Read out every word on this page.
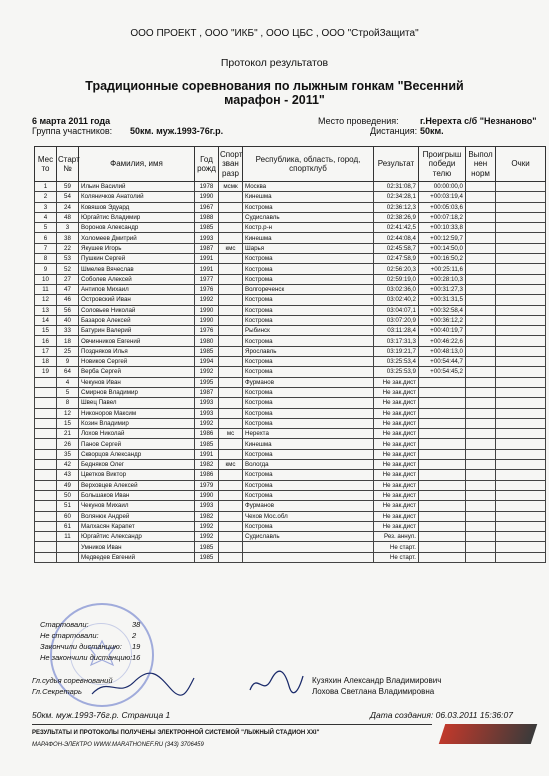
ООО ПРОЕКТ , ООО "ИКБ" , ООО ЦБС , ООО "СтройЗащита"
Протокол результатов
Традиционные соревнования по лыжным гонкам "Весенний марафон - 2011"
6 марта 2011 года
Группа участников: 50км. муж.1993-76г.р.
Место проведения: г.Нерехта с/б "Незнаново"
Дистанция: 50км.
Мес то	Старт №	Фамилия, имя	Год рожд	Спорт зван разр	Республика, область, город, спортклуб	Результат	Проигрыш победи телю	Выпол нен норм	Очки
1	59	Ильин Василий	1978	мсмк	Москва	02:31:08,7	00:00:00,0		
2	54	Коляничков Анатолий	1990		Кинешма	02:34:28,1	+00:03:19,4		
3	24	Ковяшов Эдуард	1967		Кострома	02:36:12,3	+00:05:03,6		
4	48	Юргайтис Владимир	1988		Судиславль	02:38:26,9	+00:07:18,2		
5	3	Воронов Александр	1985		Костр.р-н	02:41:42,5	+00:10:33,8		
6	38	Холомеев Дмитрий	1993		Кинешма	02:44:08,4	+00:12:59,7		
7	22	Якушев Игорь	1987	кмс	Шарья	02:45:58,7	+00:14:50,0		
8	53	Пушкин Сергей	1991		Кострома	02:47:58,9	+00:16:50,2		
9	52	Шмелев Вячеслав	1991		Кострома	02:56:20,3	+00:25:11,6		
10	27	Соболев Алексей	1977		Кострома	02:59:19,0	+00:28:10,3		
11	47	Антипов Михаил	1976		Волгореченск	03:02:36,0	+00:31:27,3		
12	46	Островский Иван	1992		Кострома	03:02:40,2	+00:31:31,5		
13	56	Соловьев Николай	1990		Кострома	03:04:07,1	+00:32:58,4		
14	40	Базаров Алексей	1990		Кострома	03:07:20,9	+00:36:12,2		
15	33	Батурин Валерий	1976		Рыбинск	03:11:28,4	+00:40:19,7		
16	18	Овчинников Евгений	1980		Кострома	03:17:31,3	+00:46:22,6		
17	25	Поздняков Илья	1985		Ярославль	03:19:21,7	+00:48:13,0		
18	9	Новиков Сергей	1994		Кострома	03:25:53,4	+00:54:44,7		
19	64	Верба Сергей	1992		Кострома	03:25:53,9	+00:54:45,2		
	4	Чекунов Иван	1995		Фурманов	Не зак.дист			
	5	Смирнов Владимир	1987		Кострома	Не зак.дист			
	8	Швец Павел	1993		Кострома	Не зак.дист			
	12	Никоноров Максим	1993		Кострома	Не зак.дист			
	15	Козин Владимир	1992		Кострома	Не зак.дист			
	21	Лохов Николай	1986	мс	Нерехта	Не зак.дист			
	26	Панов Сергей	1985		Кинешма	Не зак.дист			
	35	Скворцов Александр	1991		Кострома	Не зак.дист			
	42	Бедняков Олег	1982	кмс	Вологда	Не зак.дист			
	43	Цветков Виктор	1986		Кострома	Не зак.дист			
	49	Верховцев Алексей	1979		Кострома	Не зак.дист			
	50	Большаков Иван	1990		Кострома	Не зак.дист			
	51	Чекунов Михаил	1993		Фурманов	Не зак.дист			
	60	Волянюк Андрей	1982		Чехов Мос.обл	Не зак.дист			
	61	Малхасян Карапет	1992		Кострома	Не зак.дист			
	11	Юргайтис Александр	1992		Судиславль	Рез. аннул.			
		Умников Иван	1985			Не старт.			
		Медведев Евгений	1985			Не старт.			
Стартовали:	38
Не стартовали:	2
Закончили дистанцию: 19
Не закончили дистанцию: 16
Гл.судья соревнований
Гл.Секретарь
Кузяхин Александр Владимирович
Лохова Светлана Владимировна
50км. муж.1993-76г.р. Страница 1	Дата создания: 06.03.2011 15:36:07
РЕЗУЛЬТАТЫ И ПРОТОКОЛЫ ПОЛУЧЕНЫ ЭЛЕКТРОННОЙ СИСТЕМОЙ "ЛЫЖНЫЙ СТАДИОН XXI"
МАРАФОН-ЭЛЕКТРО WWW.MARATHONEF.RU (343) 3706459
